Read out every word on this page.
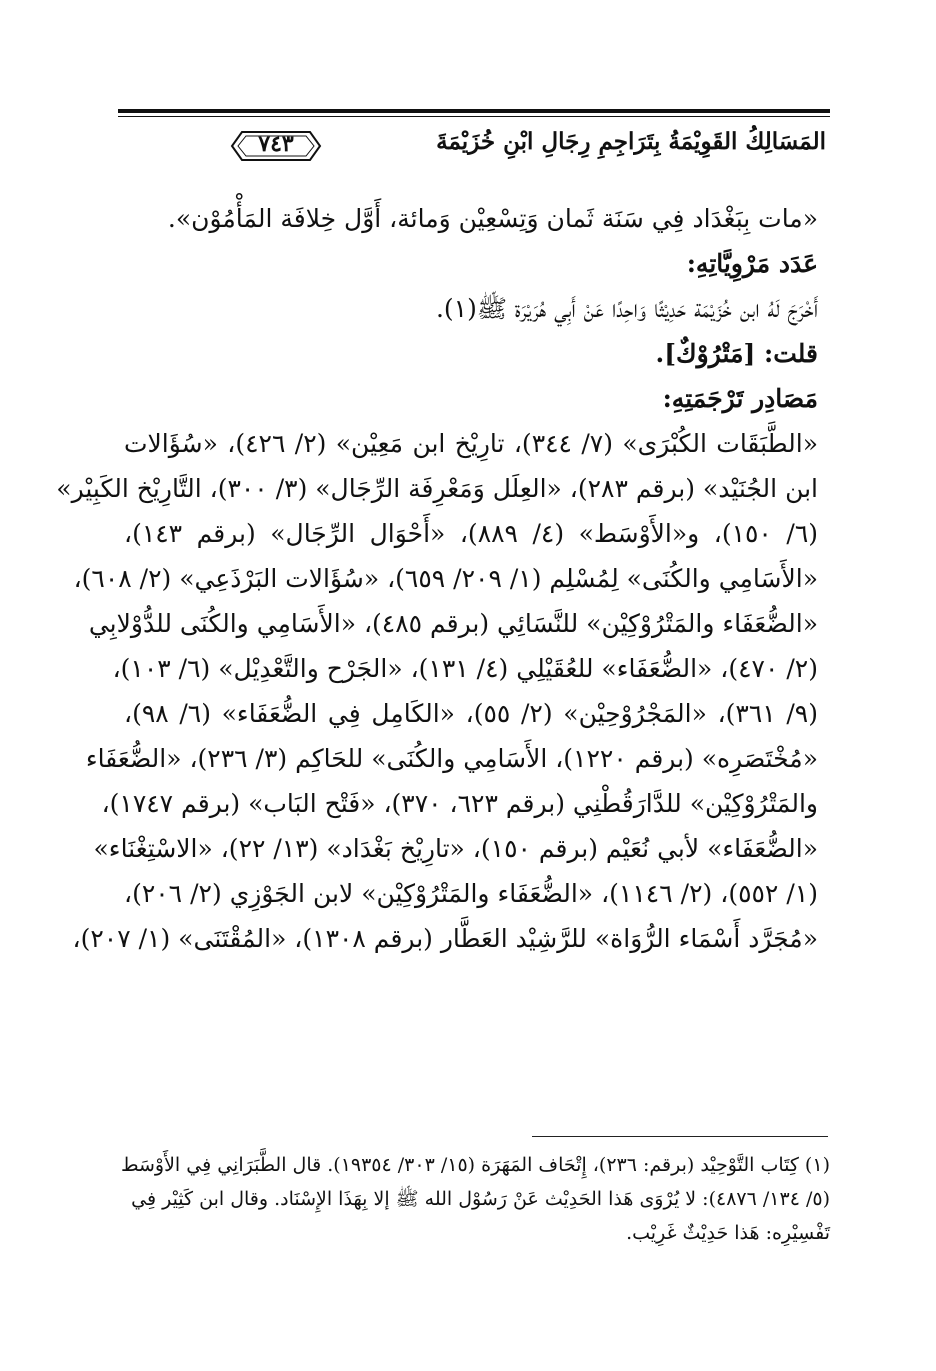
٧٤٣	المَسَالِكُ القَوِيْمَةُ بِتَرَاجِمِ رِجَالِ ابْنِ خُزَيْمَةَ
«مات بِبَغْدَاد فِي سَنَة ثَمان وَتِسْعِيْن وَمائة، أَوَّل خِلافَة المَأْمُوْن».
عَدَد مَرْوِيَّاتِهِ:
أَخْرَجَ لَهُ ابن خُزَيْمَة حَدِيْثًا وَاحِدًا عَنْ أَبِي هُرَيْرَة ﷺ(١).
قلت: [مَتْرُوْكٌ].
مَصَادِر تَرْجَمَتِهِ:
«الطَّبَقَات الكُبْرَى» (٧/ ٣٤٤)، تارِيْخ ابن مَعِيْن» (٢/ ٤٢٦)، «سُؤَالات
ابن الجُنَيْد» (برقم ٢٨٣)، «العِلَل وَمَعْرِفَة الرِّجَال» (٣/ ٣٠٠)، التَّارِيْخ الكَبِيْر»
(٦/ ١٥٠)، و«الأَوْسَط» (٤/ ٨٨٩)، «أَحْوَال الرِّجَال» (برقم ١٤٣)،
«الأَسَامِي والكُنَى» لِمُسْلِم (١/ ٢٠٩/ ٦٥٩)، «سُؤَالات البَرْذَعِي» (٢/ ٦٠٨)،
«الضُّعَفَاء والمَتْرُوْكِيْن» للنَّسَائِي (برقم ٤٨٥)، «الأَسَامِي والكُنَى للدُّوْلابِي
(٢/ ٤٧٠)، «الضُّعَفَاء» للعُقَيْلِي (٤/ ١٣١)، «الجَرْح والتَّعْدِيْل» (٦/ ١٠٣)،
(٩/ ٣٦١)، «المَجْرُوْحِيْن» (٢/ ٥٥)، «الكَامِل فِي الضُّعَفَاء» (٦/ ٩٨)،
«مُخْتَصَرِه» (برقم ١٢٢٠)، الأَسَامِي والكُنَى» للحَاكِم (٣/ ٢٣٦)، «الضُّعَفَاء
والمَتْرُوْكِيْن» للدَّارَقُطْنِي (برقم ٦٢٣، ٣٧٠)، «فَتْح البَاب» (برقم ١٧٤٧)،
«الضُّعَفَاء» لأبي نُعَيْم (برقم ١٥٠)، «تارِيْخ بَغْدَاد» (١٣/ ٢٢)، «الاسْتِغْنَاء»
(١/ ٥٥٢)، (٢/ ١١٤٦)، «الضُّعَفَاء والمَتْرُوْكِيْن» لابن الجَوْزِي (٢/ ٢٠٦)،
«مُجَرَّد أَسْمَاء الرُّوَاة» للرَّشِيْد العَطَّار (برقم ١٣٠٨)، «المُقْتَنَى» (١/ ٢٠٧)،
(١) كِتَاب التَّوْحِيْد (برقم: ٢٣٦)، إِتْحَاف المَهَرَة (١٥/ ٣٠٣/ ١٩٣٥٤). قال الطَّبَرَانِي فِي الأَوْسَط
(٥/ ١٣٤/ ٤٨٧٦): لا يُرْوَى هَذا الحَدِيْث عَنْ رَسُوْل الله ﷺ إلا بِهَذَا الإِسْنَاد. وقال ابن كَثِيْر فِي
تَفْسِيْرِه: هَذا حَدِيْثٌ غَرِيْب.
